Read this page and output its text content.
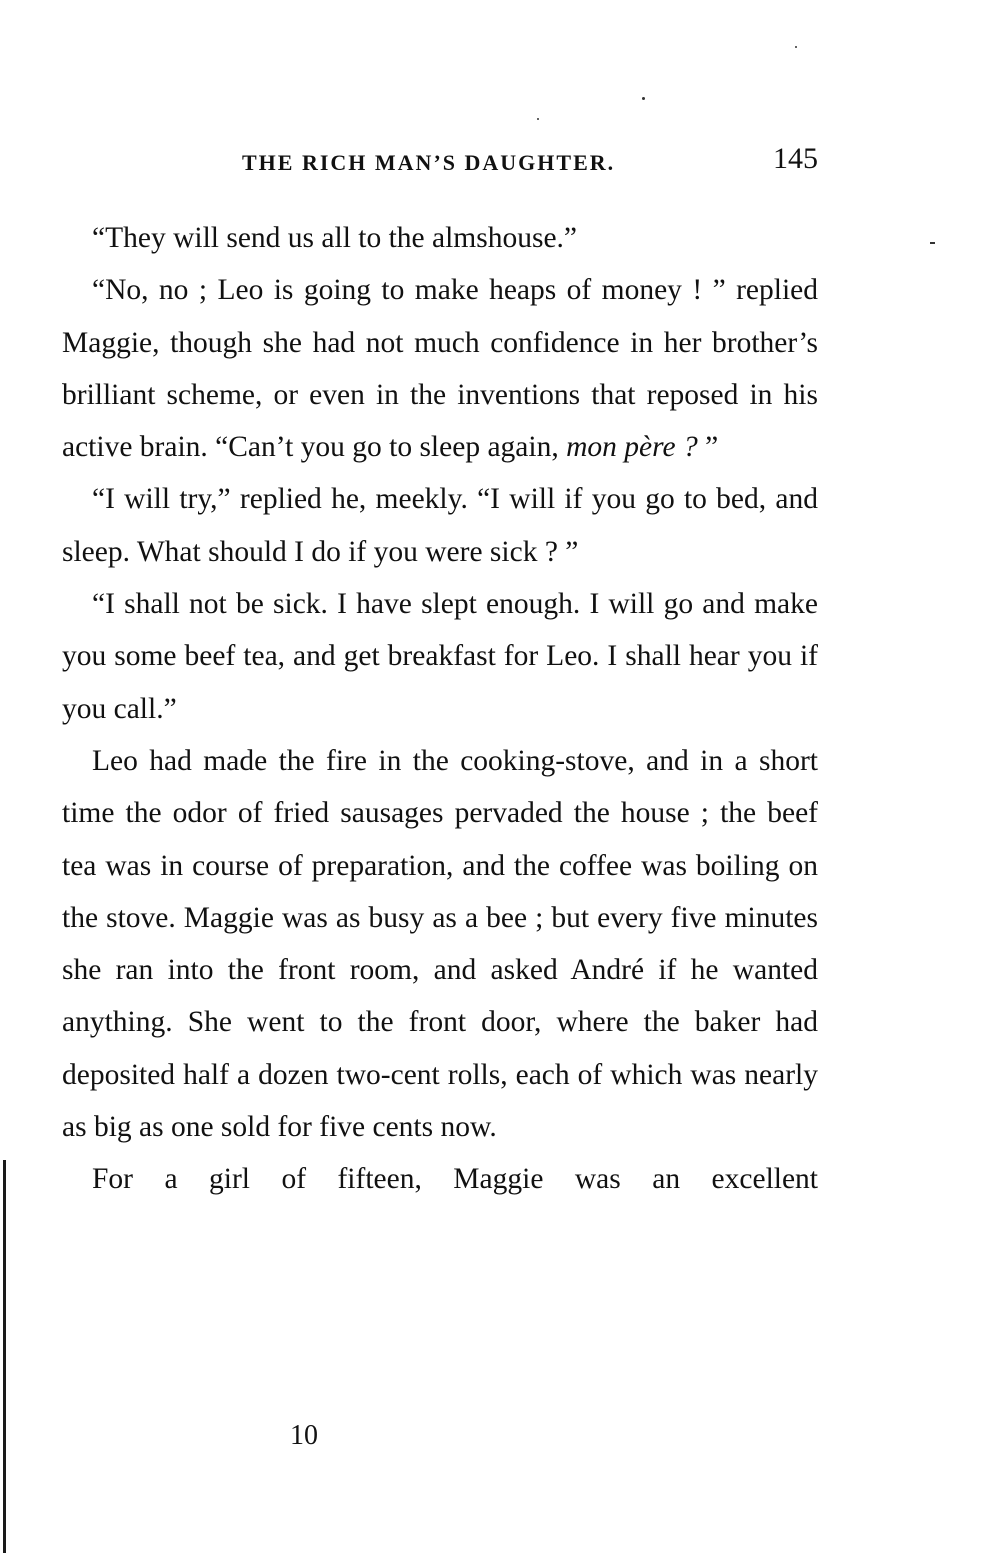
THE RICH MAN’S DAUGHTER.	145

“They will send us all to the almshouse.”

“No, no ; Leo is going to make heaps of money ! ” replied Maggie, though she had not much confidence in her brother’s brilliant scheme, or even in the inventions that reposed in his active brain. “Can’t you go to sleep again, mon père ? ”

“I will try,” replied he, meekly. “I will if you go to bed, and sleep. What should I do if you were sick ? ”

“I shall not be sick. I have slept enough. I will go and make you some beef tea, and get breakfast for Leo. I shall hear you if you call.”

Leo had made the fire in the cooking-stove, and in a short time the odor of fried sausages pervaded the house ; the beef tea was in course of preparation, and the coffee was boiling on the stove. Maggie was as busy as a bee ; but every five minutes she ran into the front room, and asked André if he wanted anything. She went to the front door, where the baker had deposited half a dozen two-cent rolls, each of which was nearly as big as one sold for five cents now.

For a girl of fifteen, Maggie was an excellent

10
